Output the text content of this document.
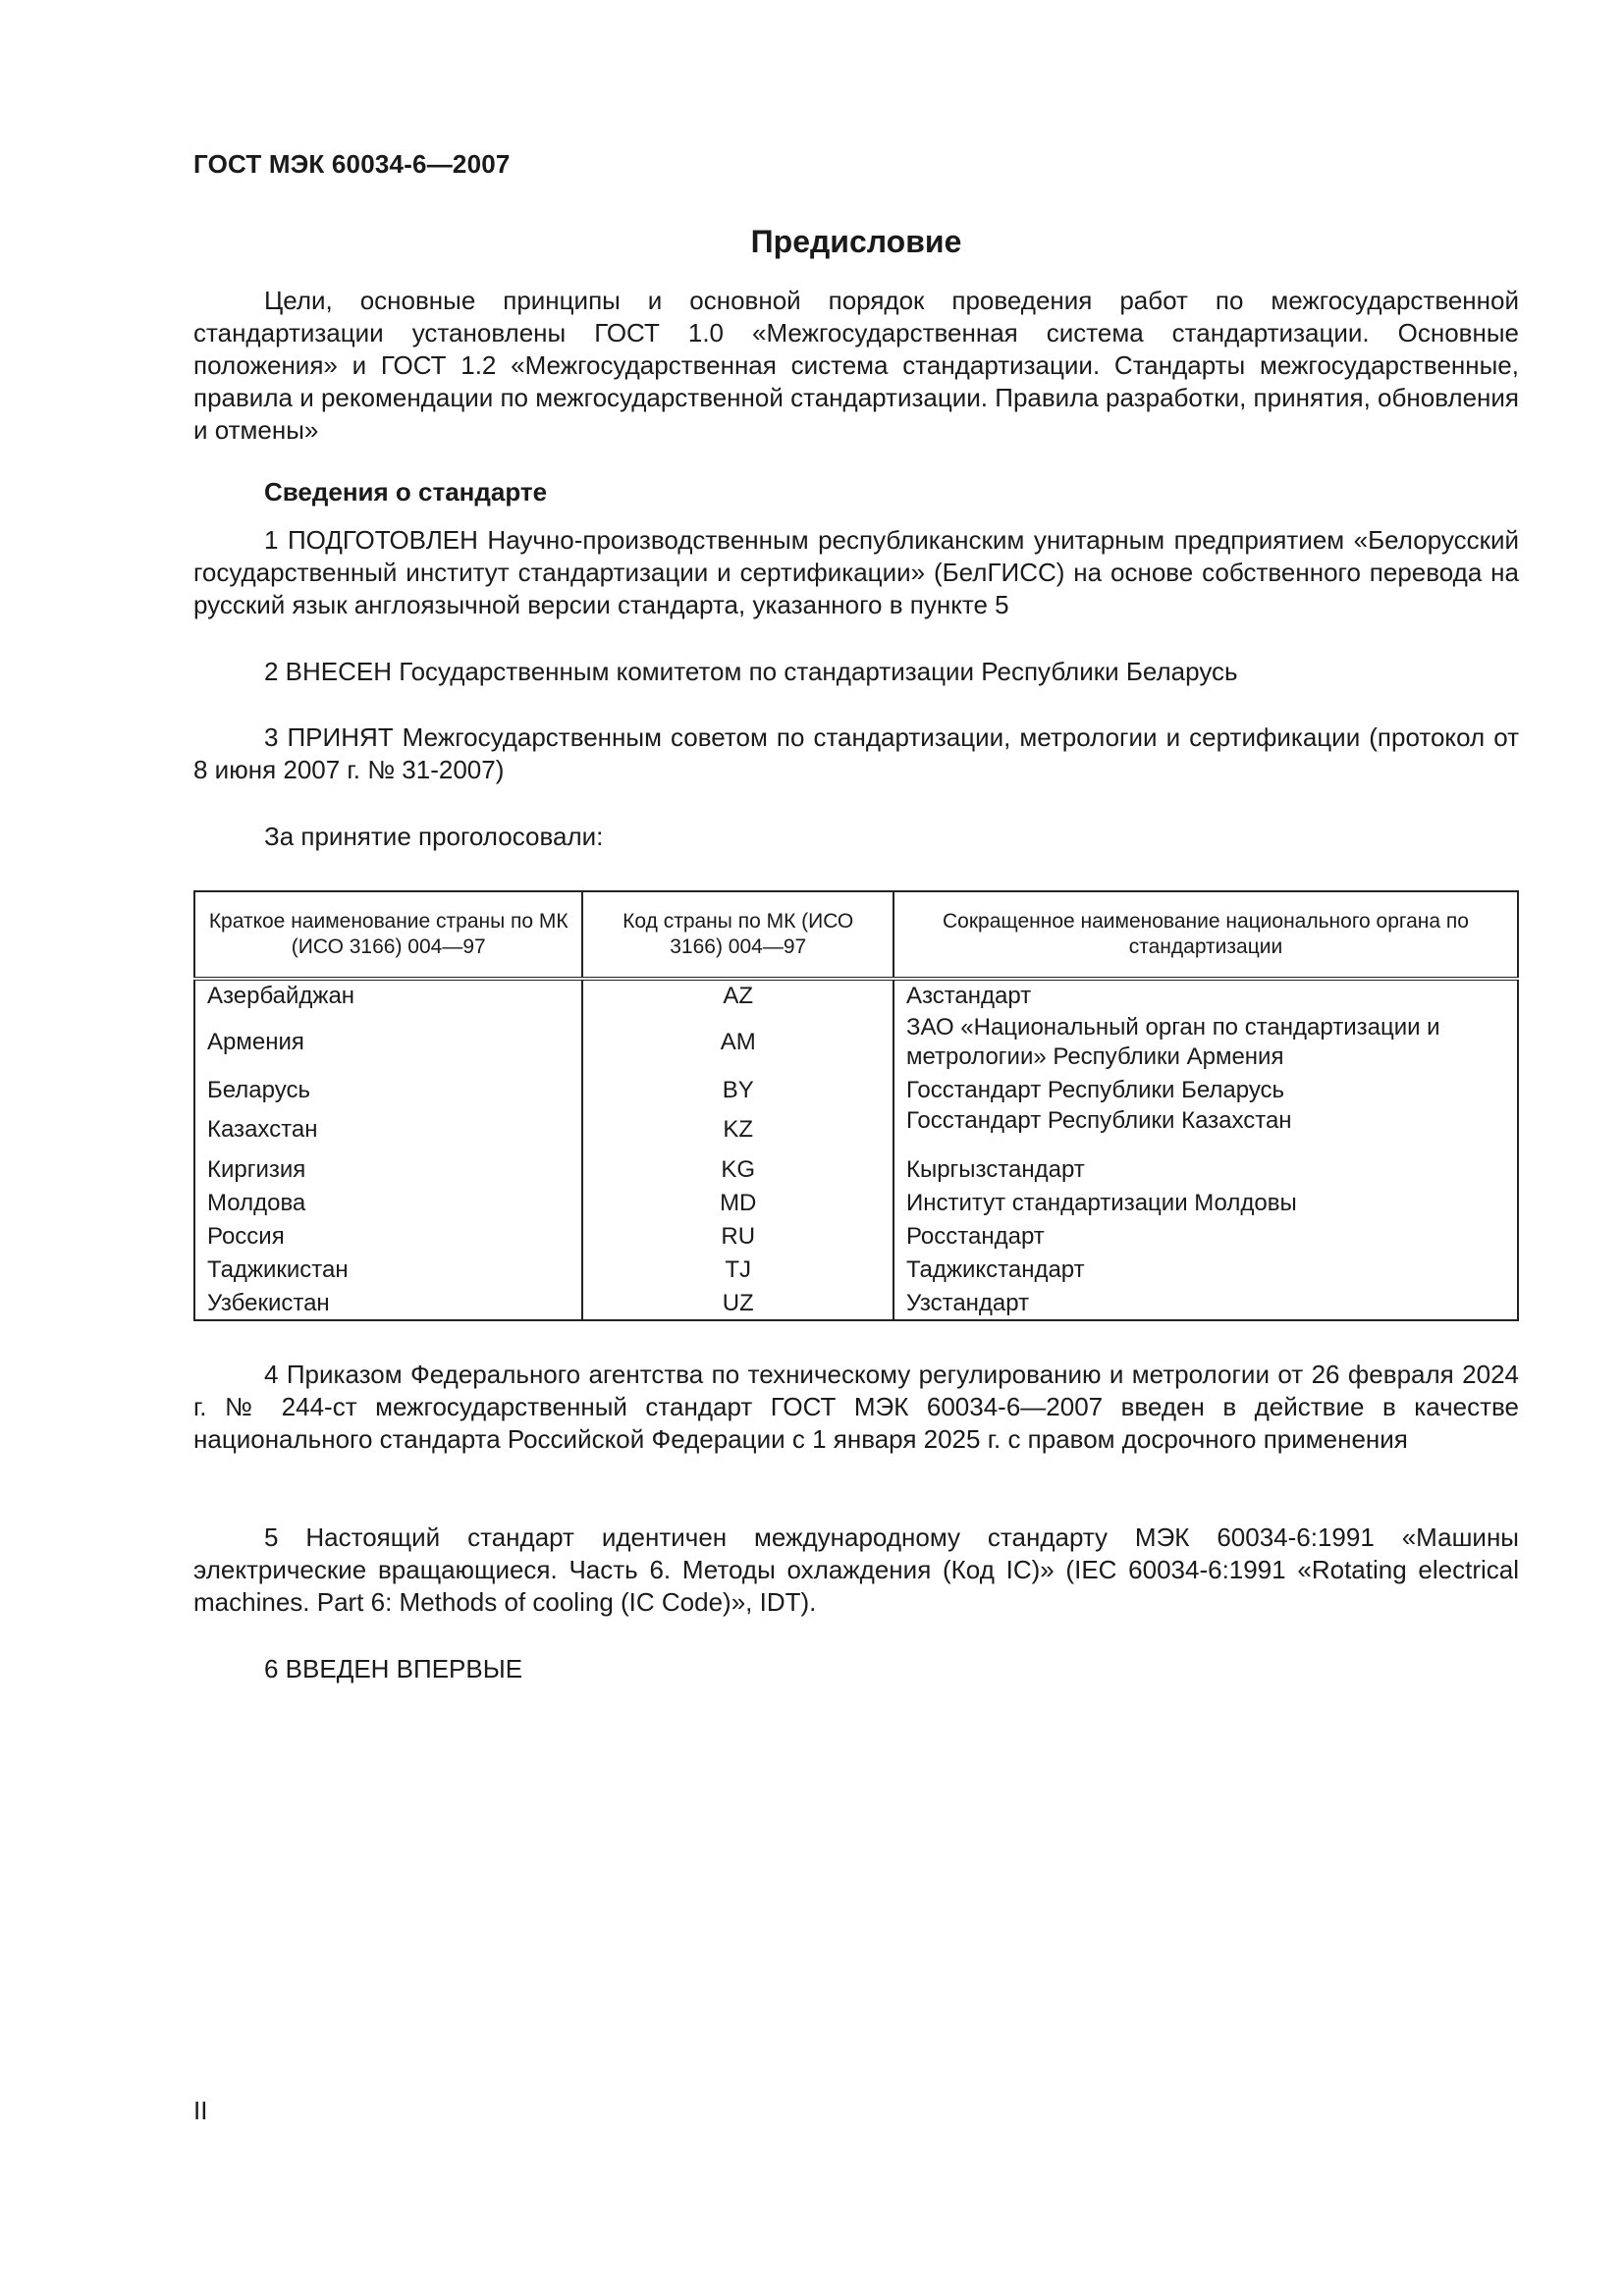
ГОСТ МЭК 60034-6—2007
Предисловие

Цели, основные принципы и основной порядок проведения работ по межгосударственной стандартизации установлены ГОСТ 1.0 «Межгосударственная система стандартизации. Основные положения» и ГОСТ 1.2 «Межгосударственная система стандартизации. Стандарты межгосударственные, правила и рекомендации по межгосударственной стандартизации. Правила разработки, принятия, обновления и отмены»

Сведения о стандарте

1 ПОДГОТОВЛЕН Научно-производственным республиканским унитарным предприятием «Белорусский государственный институт стандартизации и сертификации» (БелГИСС) на основе собственного перевода на русский язык англоязычной версии стандарта, указанного в пункте 5

2 ВНЕСЕН Государственным комитетом по стандартизации Республики Беларусь

3 ПРИНЯТ Межгосударственным советом по стандартизации, метрологии и сертификации (протокол от 8 июня 2007 г. № 31-2007)

За принятие проголосовали:

Краткое наименование страны по МК (ИСО 3166) 004—97	Код страны по МК (ИСО 3166) 004—97	Сокращенное наименование национального органа по стандартизации
Азербайджан	AZ	Азстандарт
Армения	AM	ЗАО «Национальный орган по стандартизации и метрологии» Республики Армения
Беларусь	BY	Госстандарт Республики Беларусь
Казахстан	KZ	Госстандарт Республики Казахстан
Киргизия	KG	Кыргызстандарт
Молдова	MD	Институт стандартизации Молдовы
Россия	RU	Росстандарт
Таджикистан	TJ	Таджикстандарт
Узбекистан	UZ	Узстандарт

4 Приказом Федерального агентства по техническому регулированию и метрологии от 26 февраля 2024 г. № 244-ст межгосударственный стандарт ГОСТ МЭК 60034-6—2007 введен в действие в качестве национального стандарта Российской Федерации с 1 января 2025 г. с правом досрочного применения

5 Настоящий стандарт идентичен международному стандарту МЭК 60034-6:1991 «Машины электрические вращающиеся. Часть 6. Методы охлаждения (Код IC)» (IEC 60034-6:1991 «Rotating electrical machines. Part 6: Methods of cooling (IC Code)», IDT).

6 ВВЕДЕН ВПЕРВЫЕ

II
